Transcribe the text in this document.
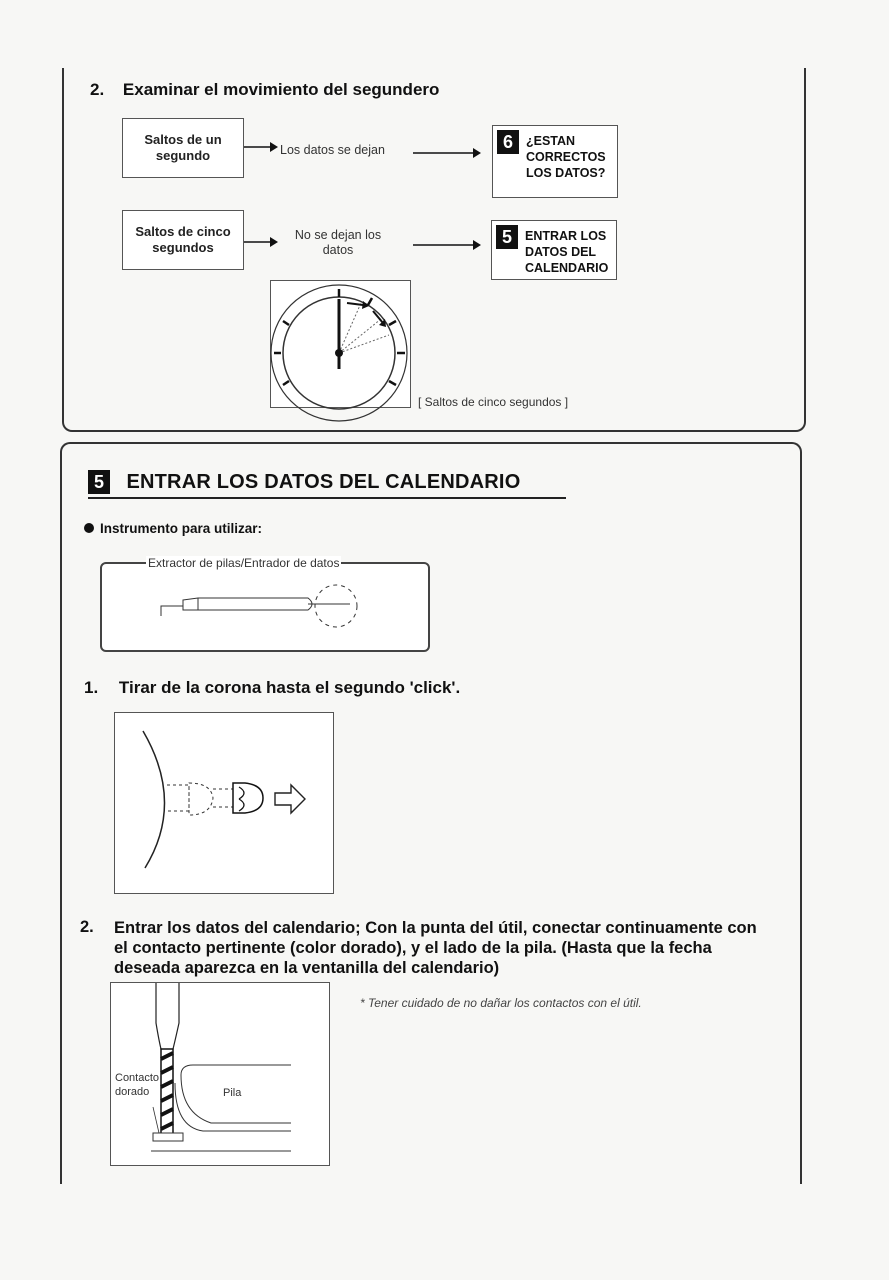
2. Examinar el movimiento del segundero
Saltos de un segundo	Los datos se dejan	6	¿ESTAN CORRECTOS LOS DATOS?
Saltos de cinco segundos
No se dejan los datos
5	ENTRAR LOS DATOS DEL CALENDARIO
[ Saltos de cinco segundos ]
5 ENTRAR LOS DATOS DEL CALENDARIO
Instrumento para utilizar:
Extractor de pilas/Entrador de datos
1. Tirar de la corona hasta el segundo 'click'.
2. Entrar los datos del calendario; Con la punta del útil, conectar continuamente con el contacto pertinente (color dorado), y el lado de la pila. (Hasta que la fecha deseada aparezca en la ventanilla del calendario)
* Tener cuidado de no dañar los contactos con el útil.
Contacto
dorado	Pila
